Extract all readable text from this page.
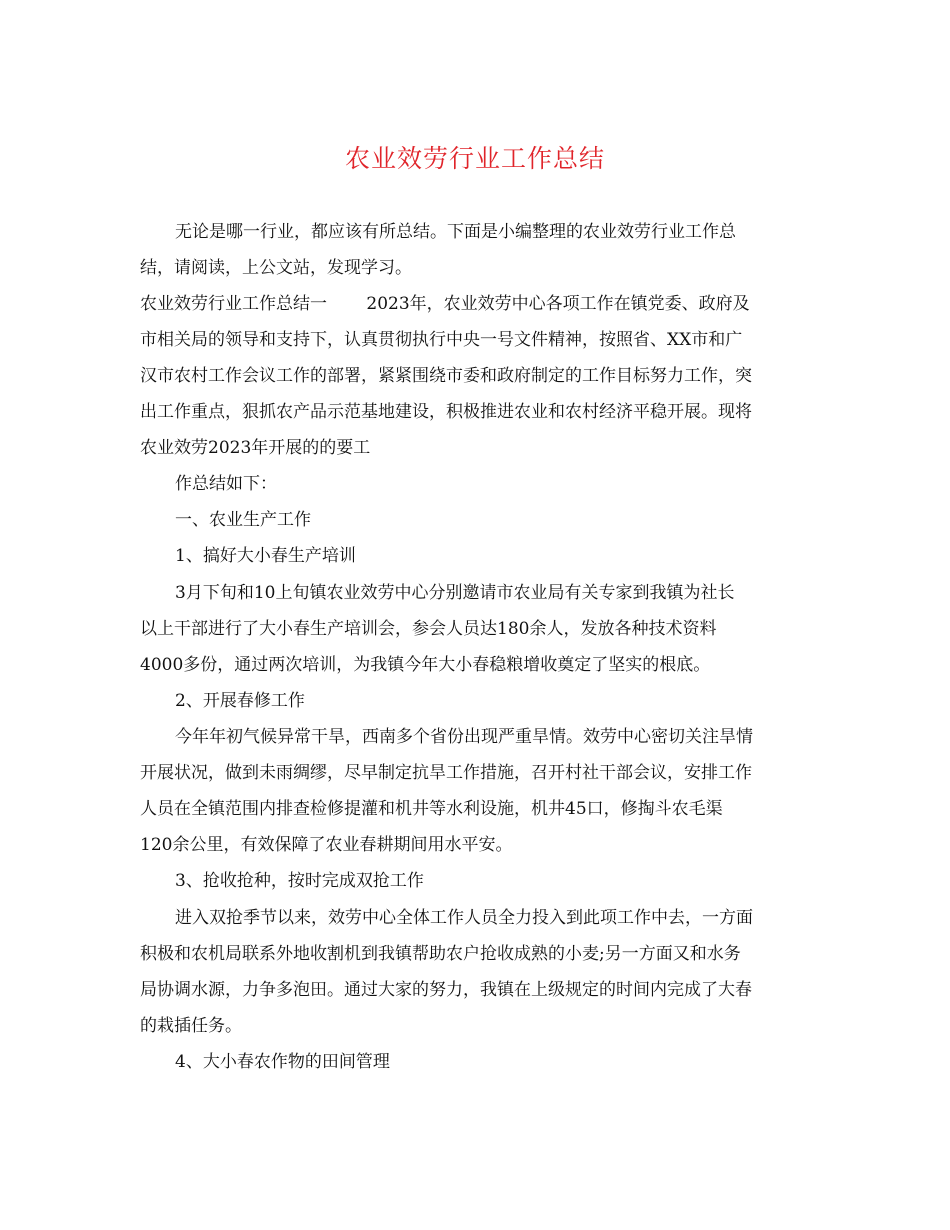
农业效劳行业工作总结
无论是哪一行业，都应该有所总结。下面是小编整理的农业效劳行业工作总
结，请阅读，上公文站，发现学习。
农业效劳行业工作总结一　　 2023年，农业效劳中心各项工作在镇党委、政府及
市相关局的领导和支持下，认真贯彻执行中央一号文件精神，按照省、XX市和广
汉市农村工作会议工作的部署，紧紧围绕市委和政府制定的工作目标努力工作，突
出工作重点，狠抓农产品示范基地建设，积极推进农业和农村经济平稳开展。现将
农业效劳2023年开展的的要工
作总结如下：
一、农业生产工作
1、搞好大小春生产培训
3月下旬和10上旬镇农业效劳中心分别邀请市农业局有关专家到我镇为社长
以上干部进行了大小春生产培训会，参会人员达180余人，发放各种技术资料
4000多份，通过两次培训，为我镇今年大小春稳粮增收奠定了坚实的根底。
2、开展春修工作
今年年初气候异常干旱，西南多个省份出现严重旱情。效劳中心密切关注旱情
开展状况，做到未雨绸缪，尽早制定抗旱工作措施，召开村社干部会议，安排工作
人员在全镇范围内排查检修提灌和机井等水利设施，机井45口，修掏斗农毛渠
120余公里，有效保障了农业春耕期间用水平安。
3、抢收抢种，按时完成双抢工作
进入双抢季节以来，效劳中心全体工作人员全力投入到此项工作中去，一方面
积极和农机局联系外地收割机到我镇帮助农户抢收成熟的小麦;另一方面又和水务
局协调水源，力争多泡田。通过大家的努力，我镇在上级规定的时间内完成了大春
的栽插任务。
4、大小春农作物的田间管理
